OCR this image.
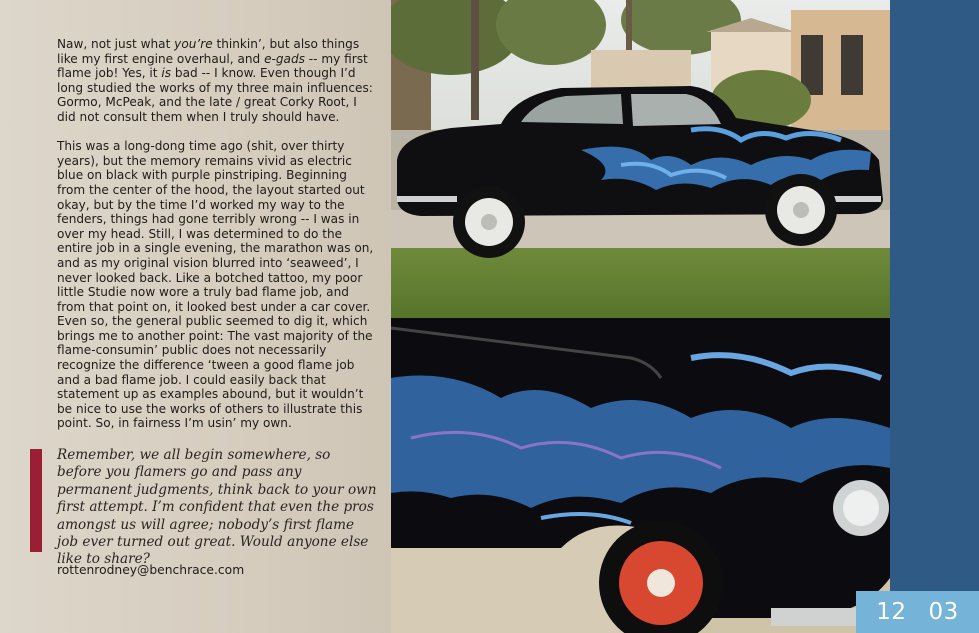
Naw, not just what you’re thinkin’, but also things like my first engine overhaul, and e-gads -- my first flame job! Yes, it is bad -- I know. Even though I’d long studied the works of my three main influences: Gormo, McPeak, and the late / great Corky Root, I did not consult them when I truly should have.

This was a long-dong time ago (shit, over thirty years), but the memory remains vivid as electric blue on black with purple pinstriping. Beginning from the center of the hood, the layout started out okay, but by the time I’d worked my way to the fenders, things had gone terribly wrong -- I was in over my head. Still, I was determined to do the entire job in a single evening, the marathon was on, and as my original vision blurred into ‘seaweed’, I never looked back. Like a botched tattoo, my poor little Studie now wore a truly bad flame job, and from that point on, it looked best under a car cover. Even so, the general public seemed to dig it, which brings me to another point: The vast majority of the flame-consumin’ public does not necessarily recognize the difference ‘tween a good flame job and a bad flame job. I could easily back that statement up as examples abound, but it wouldn’t be nice to use the works of others to illustrate this point. So, in fairness I’m usin’ my own.

Remember, we all begin somewhere, so before you flamers go and pass any permanent judgments, think back to your own first attempt. I’m confident that even the pros amongst us will agree; nobody’s first flame job ever turned out great. Would anyone else like to share?
rottenrodney@benchrace.com
12 03
